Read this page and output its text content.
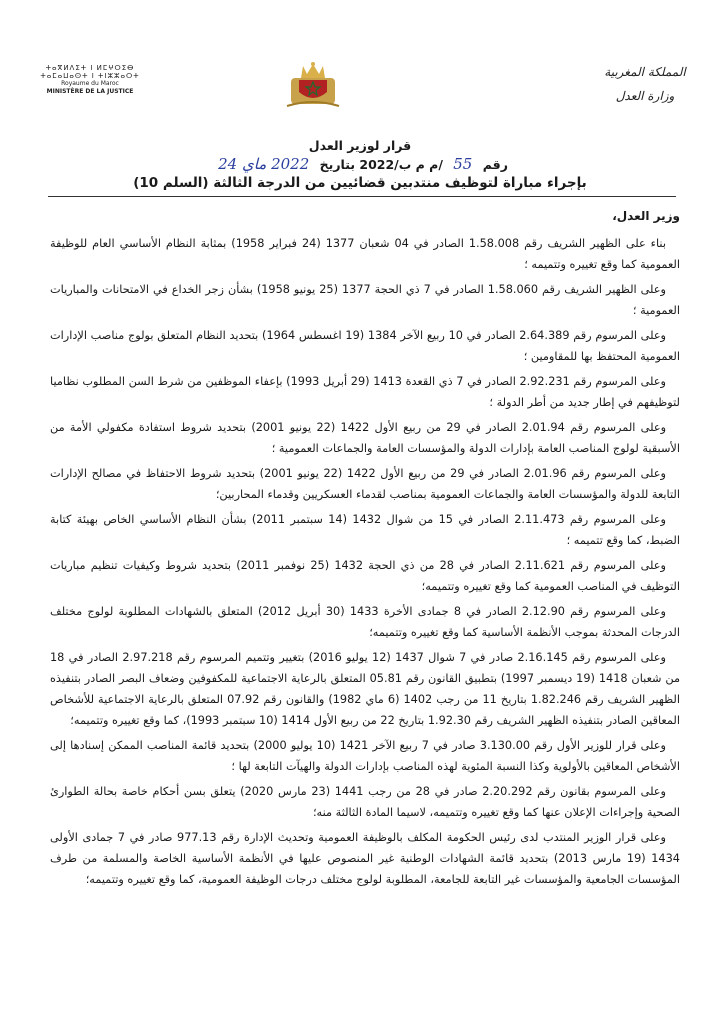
ⵜⴰⴳⵍⴷⵉⵜ ⵏ ⵍⵎⵖⵔⵉⴱ
ⵜⴰⵎⴰⵡⴰⵙⵜ ⵏ ⵜⵏⵣⵣⴰⵔⵜ
Royaume du Maroc
MINISTÈRE DE LA JUSTICE
المملكة المغربية
وزارة العدل
قرار لوزير العدل
رقم 55 /م م ب/2022 بتاريخ 2022 ماي 24
بإجراء مباراة لتوظيف منتدبين قضائيين من الدرجة الثالثة (السلم 10)
وزير العدل،

بناء على الظهير الشريف رقم 1.58.008 الصادر في 04 شعبان 1377 (24 فبراير 1958) بمثابة النظام الأساسي العام للوظيفة العمومية كما وقع تغييره وتتميمه ؛

وعلى الظهير الشريف رقم 1.58.060 الصادر في 7 ذي الحجة 1377 (25 يونيو 1958) بشأن زجر الخداع في الامتحانات والمباريات العمومية ؛

وعلى المرسوم رقم 2.64.389 الصادر في 10 ربيع الآخر 1384 (19 اغسطس 1964) بتحديد النظام المتعلق بولوج مناصب الإدارات العمومية المحتفظ بها للمقاومين ؛

وعلى المرسوم رقم 2.92.231 الصادر في 7 ذي القعدة 1413 (29 أبريل 1993) بإعفاء الموظفين من شرط السن المطلوب نظاميا لتوظيفهم في إطار جديد من أطر الدولة ؛

وعلى المرسوم رقم 2.01.94 الصادر في 29 من ربيع الأول 1422 (22 يونيو 2001) بتحديد شروط استفادة مكفولي الأمة من الأسبقية لولوج المناصب العامة بإدارات الدولة والمؤسسات العامة والجماعات العمومية ؛

وعلى المرسوم رقم 2.01.96 الصادر في 29 من ربيع الأول 1422 (22 يونيو 2001) بتحديد شروط الاحتفاظ في مصالح الإدارات التابعة للدولة والمؤسسات العامة والجماعات العمومية بمناصب لقدماء العسكريين وقدماء المحاربين؛

وعلى المرسوم رقم 2.11.473 الصادر في 15 من شوال 1432 (14 سبتمبر 2011) بشأن النظام الأساسي الخاص بهيئة كتابة الضبط، كما وقع تتميمه ؛

وعلى المرسوم رقم 2.11.621 الصادر في 28 من ذي الحجة 1432 (25 نوفمبر 2011) بتحديد شروط وكيفيات تنظيم مباريات التوظيف في المناصب العمومية كما وقع تغييره وتتميمه؛

وعلى المرسوم رقم 2.12.90 الصادر في 8 جمادى الأخرة 1433 (30 أبريل 2012) المتعلق بالشهادات المطلوبة لولوج مختلف الدرجات المحدثة بموجب الأنظمة الأساسية كما وقع تغييره وتتميمه؛

وعلى المرسوم رقم 2.16.145 صادر في 7 شوال 1437 (12 يوليو 2016) بتغيير وتتميم المرسوم رقم 2.97.218 الصادر في 18 من شعبان 1418 (19 ديسمبر 1997) بتطبيق القانون رقم 05.81 المتعلق بالرعاية الاجتماعية للمكفوفين وضعاف البصر الصادر بتنفيذه الظهير الشريف رقم 1.82.246 بتاريخ 11 من رجب 1402 (6 ماي 1982) والقانون رقم 07.92 المتعلق بالرعاية الاجتماعية للأشخاص المعاقين الصادر بتنفيذه الظهير الشريف رقم 1.92.30 بتاريخ 22 من ربيع الأول 1414 (10 سبتمبر 1993)، كما وقع تغييره وتتميمه؛

وعلى قرار للوزير الأول رقم 3.130.00 صادر في 7 ربيع الآخر 1421 (10 يوليو 2000) بتحديد قائمة المناصب الممكن إسنادها إلى الأشخاص المعاقين بالأولوية وكذا النسبة المئوية لهذه المناصب بإدارات الدولة والهيآت التابعة لها ؛

وعلى المرسوم بقانون رقم 2.20.292 صادر في 28 من رجب 1441 (23 مارس 2020) يتعلق بسن أحكام خاصة بحالة الطوارئ الصحية وإجراءات الإعلان عنها كما وقع تغييره وتتميمه، لاسيما المادة الثالثة منه؛

وعلى قرار الوزير المنتدب لدى رئيس الحكومة المكلف بالوظيفة العمومية وتحديث الإدارة رقم 977.13 صادر في 7 جمادى الأولى 1434 (19 مارس 2013) بتحديد قائمة الشهادات الوطنية غير المنصوص عليها في الأنظمة الأساسية الخاصة والمسلمة من طرف المؤسسات الجامعية والمؤسسات غير التابعة للجامعة، المطلوبة لولوج مختلف درجات الوظيفة العمومية، كما وقع تغييره وتتميمه؛
